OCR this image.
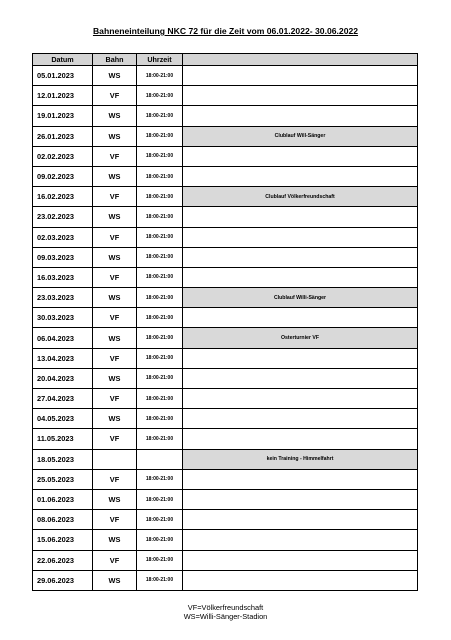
Bahneneinteilung NKC 72 für die Zeit vom 06.01.2022- 30.06.2022
Datum	Bahn	Uhrzeit	
05.01.2023	WS	18:00-21:00	
12.01.2023	VF	18:00-21:00	
19.01.2023	WS	18:00-21:00	
26.01.2023	WS	18:00-21:00	Clublauf Will-Sänger
02.02.2023	VF	18:00-21:00	
09.02.2023	WS	18:00-21:00	
16.02.2023	VF	18:00-21:00	Clublauf Völkerfreundschaft
23.02.2023	WS	18:00-21:00	
02.03.2023	VF	18:00-21:00	
09.03.2023	WS	18:00-21:00	
16.03.2023	VF	18:00-21:00	
23.03.2023	WS	18:00-21:00	Clublauf Willi-Sänger
30.03.2023	VF	18:00-21:00	
06.04.2023	WS	18:00-21:00	Osterturnier VF
13.04.2023	VF	18:00-21:00	
20.04.2023	WS	18:00-21:00	
27.04.2023	VF	18:00-21:00	
04.05.2023	WS	18:00-21:00	
11.05.2023	VF	18:00-21:00	
18.05.2023			kein Training - Himmelfahrt
25.05.2023	VF	18:00-21:00	
01.06.2023	WS	18:00-21:00	
08.06.2023	VF	18:00-21:00	
15.06.2023	WS	18:00-21:00	
22.06.2023	VF	18:00-21:00	
29.06.2023	WS	18:00-21:00	
VF=Völkerfreundschaft
WS=Willi-Sänger-Stadion
